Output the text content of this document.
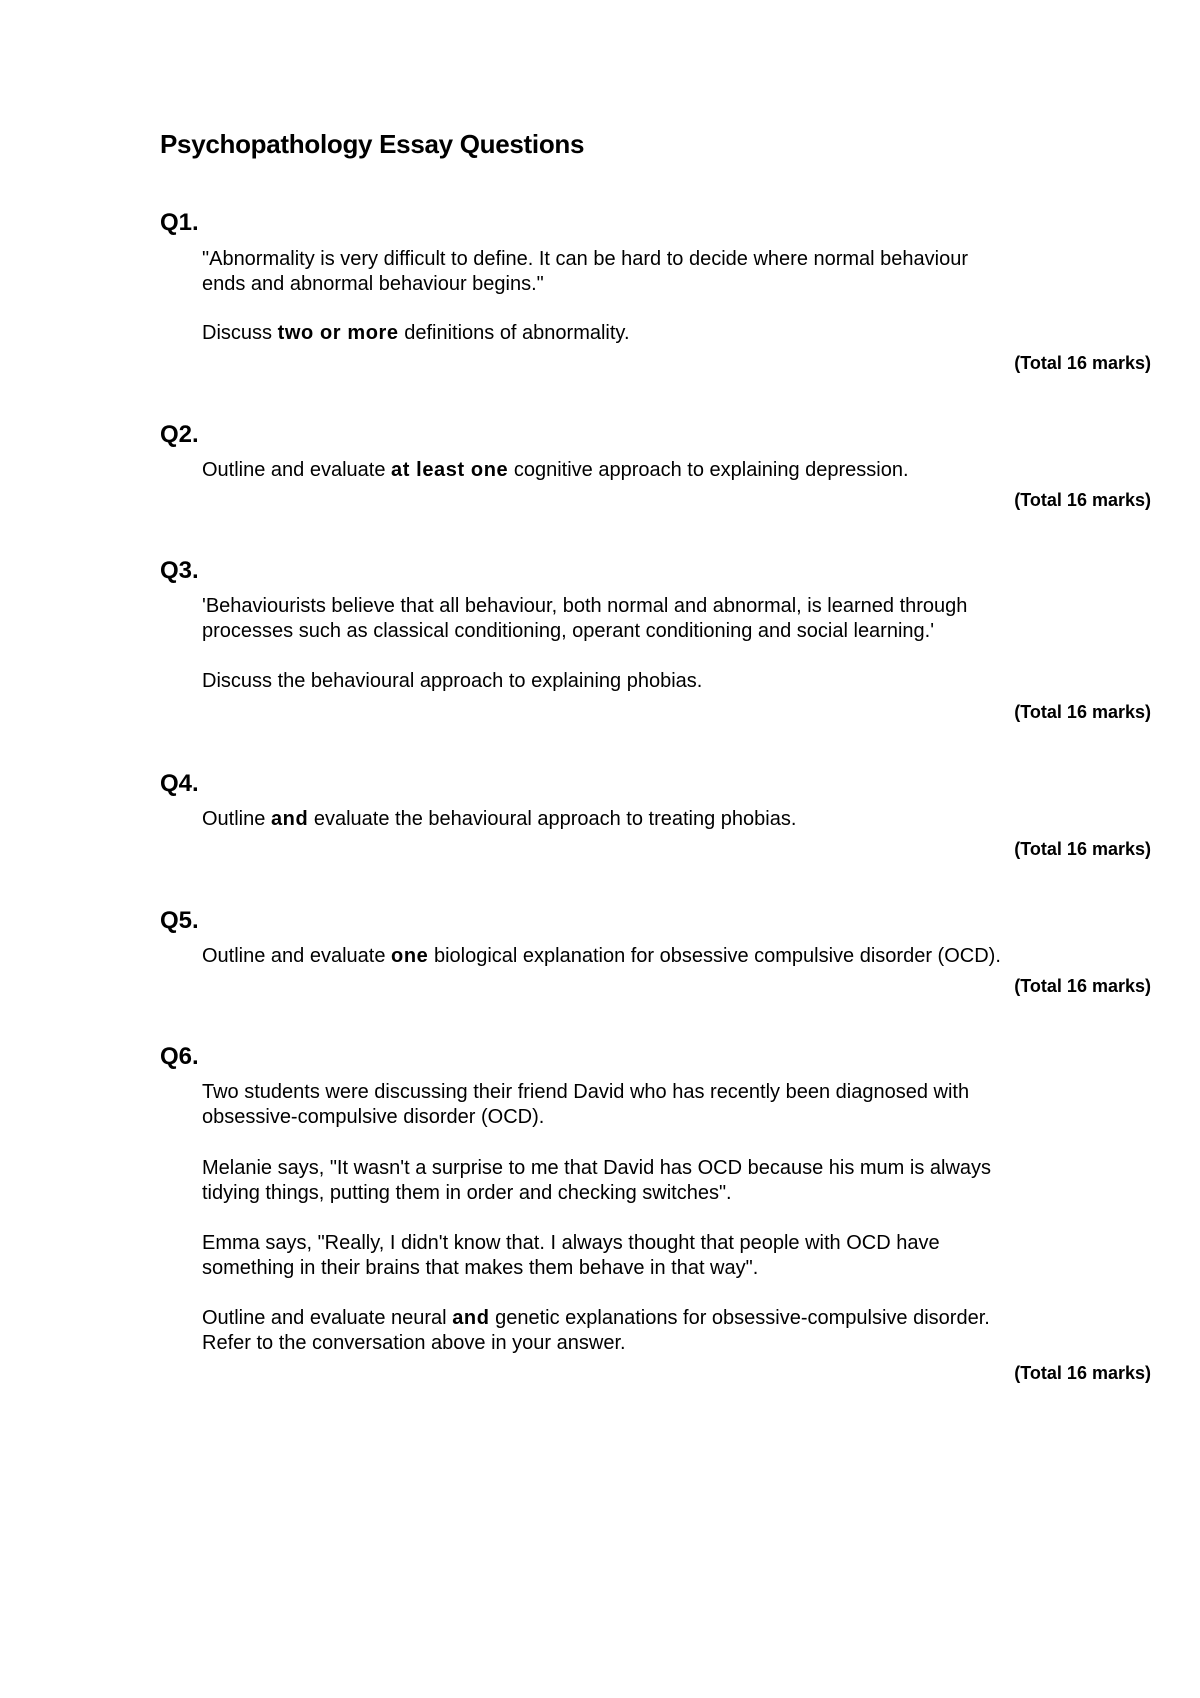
Psychopathology Essay Questions
Q1.
"Abnormality is very difficult to define. It can be hard to decide where normal behaviour
ends and abnormal behaviour begins."
Discuss two or more definitions of abnormality.
(Total 16 marks)
Q2.
Outline and evaluate at least one cognitive approach to explaining depression.
(Total 16 marks)
Q3.
'Behaviourists believe that all behaviour, both normal and abnormal, is learned through
processes such as classical conditioning, operant conditioning and social learning.'
Discuss the behavioural approach to explaining phobias.
(Total 16 marks)
Q4.
Outline and evaluate the behavioural approach to treating phobias.
(Total 16 marks)
Q5.
Outline and evaluate one biological explanation for obsessive compulsive disorder (OCD).
(Total 16 marks)
Q6.
Two students were discussing their friend David who has recently been diagnosed with
obsessive-compulsive disorder (OCD).
Melanie says, "It wasn't a surprise to me that David has OCD because his mum is always
tidying things, putting them in order and checking switches".
Emma says, "Really, I didn't know that. I always thought that people with OCD have
something in their brains that makes them behave in that way".
Outline and evaluate neural and genetic explanations for obsessive-compulsive disorder.
Refer to the conversation above in your answer.
(Total 16 marks)
